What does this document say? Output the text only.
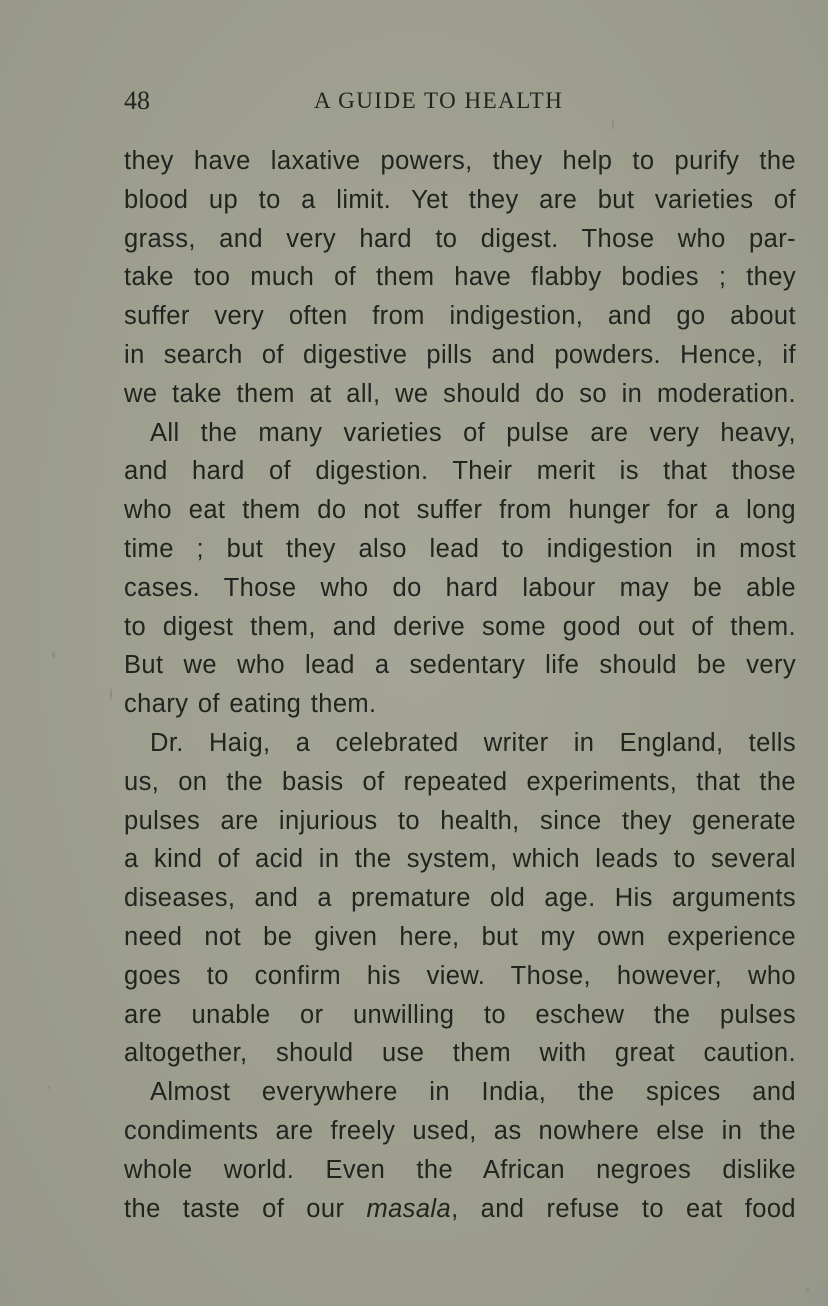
48	A GUIDE TO HEALTH
they have laxative powers, they help to purify the
blood up to a limit. Yet they are but varieties of
grass, and very hard to digest. Those who par-
take too much of them have flabby bodies ; they
suffer very often from indigestion, and go about
in search of digestive pills and powders. Hence, if
we take them at all, we should do so in moderation.
All the many varieties of pulse are very heavy,
and hard of digestion. Their merit is that those
who eat them do not suffer from hunger for a long
time ; but they also lead to indigestion in most
cases. Those who do hard labour may be able
to digest them, and derive some good out of them.
But we who lead a sedentary life should be very
chary of eating them.
Dr. Haig, a celebrated writer in England, tells
us, on the basis of repeated experiments, that the
pulses are injurious to health, since they generate
a kind of acid in the system, which leads to several
diseases, and a premature old age. His arguments
need not be given here, but my own experience
goes to confirm his view. Those, however, who
are unable or unwilling to eschew the pulses
altogether, should use them with great caution.
Almost everywhere in India, the spices and
condiments are freely used, as nowhere else in the
whole world. Even the African negroes dislike
the taste of our masala, and refuse to eat food
